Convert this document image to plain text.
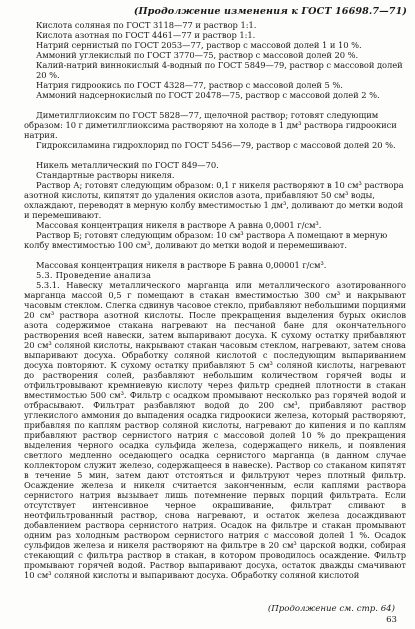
(Продолжение изменения к ГОСТ 16698.7—71)
Кислота соляная по ГОСТ 3118—77 и раствор 1:1.
Кислота азотная по ГОСТ 4461—77 и раствор 1:1.
Натрий сернистый по ГОСТ 2053—77, раствор с массовой долей 1 и 10 %.
Аммоний углекислый по ГОСТ 3770—75, раствор с массовой долей 20 %.
Калий-натрий виннокислый 4-водный по ГОСТ 5849—79, раствор с массовой долей 20 %.
Натрия гидроокись по ГОСТ 4328—77, раствор с массовой долей 5 %.
Аммоний надсернокислый по ГОСТ 20478—75, раствор с массовой долей 2 %.
Диметилглиоксим по ГОСТ 5828—77, щелочной раствор; готовят следующим образом: 10 г диметилглиоксима растворяют на холоде в 1 дм³ раствора гидроокиси натрия.
Гидроксиламина гидрохлорид по ГОСТ 5456—79, раствор с массовой долей 20 %.
Никель металлический по ГОСТ 849—70.
Стандартные растворы никеля.
Раствор А; готовят следующим образом: 0,1 г никеля растворяют в 10 см³ раствора азотной кислоты, кипятят до удаления окислов азота, прибавляют 50 см³ воды, охлаждают, переводят в мерную колбу вместимостью 1 дм³, доливают до метки водой и перемешивают.
Массовая концентрация никеля в растворе А равна 0,0001 г/см³.
Раствор Б; готовят следующим образом: 10 см³ раствора А помещают в мерную колбу вместимостью 100 см³, доливают до метки водой и перемешивают.
Массовая концентрация никеля в растворе Б равна 0,00001 г/см³.
5.3. Проведение анализа
5.3.1. Навеску металлического марганца или металлического азотированного марганца массой 0,5 г помещают в стакан вместимостью 300 см³ и накрывают часовым стеклом. Слегка сдвинув часовое стекло, прибавляют небольшими порциями 20 см³ раствора азотной кислоты. После прекращения выделения бурых окислов азота содержимое стакана нагревают на песчаной бане для окончательного растворения всей навески, затем выпаривают досуха. К сухому остатку прибавляют 20 см³ соляной кислоты, накрывают стакан часовым стеклом, нагревают, затем снова выпаривают досуха. Обработку соляной кислотой с последующим выпариванием досуха повторяют. К сухому остатку прибавляют 5 см³ соляной кислоты, нагревают до растворения солей, разбавляют небольшим количеством горячей воды и отфильтровывают кремниевую кислоту через фильтр средней плотности в стакан вместимостью 500 см³. Фильтр с осадком промывают несколько раз горячей водой и отбрасывают. Фильтрат разбавляют водой до 200 см³, прибавляют раствор углекислого аммония до выпадения осадка гидроокиси железа, который растворяют, прибавляя по каплям раствор соляной кислоты, нагревают до кипения и по каплям прибавляют раствор сернистого натрия с массовой долей 10 % до прекращения выделения черного осадка сульфида железа, содержащего никель, и появления светлого медленно оседающего осадка сернистого марганца (в данном случае коллектором служит железо, содержащееся в навеске). Раствор со стаканом кипятят в течение 5 мин, затем дают отстояться и фильтруют через плотный фильтр. Осаждение железа и никеля считается законченным, если каплями раствора сернистого натрия вызывает лишь потемнение первых порций фильтрата. Если отсутствует интенсивное черное окрашивание, фильтрат сливают в неотфильтрованный раствор, снова нагревают, и остаток железа досаждивают добавлением раствора сернистого натрия. Осадок на фильтре и стакан промывают одним раз холодным раствором сернистого натрия с массовой долей 1 %. Осадок сульфидов железа и никеля растворяют на фильтре в 20 см³ царской водки, собирая стекающий с фильтра раствор в стакан, в котором проводилось осаждение. Фильтр промывают горячей водой. Раствор выпаривают досуха, остаток дважды смачивают 10 см³ соляной кислоты и выпаривают досуха. Обработку соляной кислотой
(Продолжение см. стр. 64)
63
